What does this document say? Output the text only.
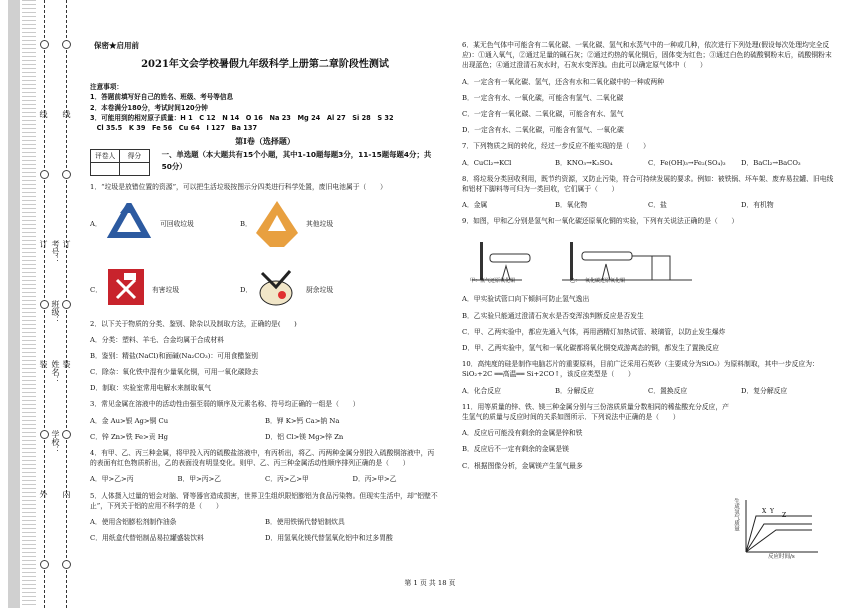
线
订
装
外
线
订
装
内
考号：
班级：
姓名：
学校：
保密★启用前
2021年文会学校暑假九年级科学上册第二章阶段性测试
注意事项：
1．答题前填写好自己的姓名、班级、考号等信息
2．本卷满分180分，考试时间120分钟
3．可能用到的相对原子质量：H 1　C 12　N 14　O 16　Na 23　Mg 24　Al 27　Si 28　S 32
　Cl 35.5　K 39　Fe 56　Cu 64　I 127　Ba 137
第Ⅰ卷（选择题）
评卷人	得分
		一、单选题（本大题共有15个小题，其中1-10题每题3分，11-15题每题4分；共50分）

1．“垃圾是放错位置的资源”，可以把生活垃圾按图示分四类进行科学处置，废旧电池属于（　　）

A．	可回收垃圾	B．	其他垃圾
C．	有害垃圾	D．	厨余垃圾

2．以下关于物质的分类、鉴别、除杂以及制取方法，正确的是(　　)

A．分类：塑料、羊毛、合金均属于合成材料

B．鉴别：精盐(NaCl)和面碱(Na₂CO₃)：可用食醋鉴别

C．除杂：氧化铁中混有少量氧化铜，可用一氧化碳除去

D．制取：实验室常用电解水来制取氧气

3．常见金属在溶液中的活动性由强至弱的顺序及元素名称、符号均正确的一组是（　　）

A．金 Au>银 Ag>铜 Cu	B．钾 K>钙 Ca>钠 Na
C．锌 Zn>铁 Fe>贡 Hg	D．铝 Cl>镁 Mg>锌 Zn

4．有甲、乙、丙三种金属，将甲投入丙的硫酸盐溶液中，有丙析出，将乙、丙两种金属分别投入硫酸铜溶液中，丙的表面有红色物质析出，乙的表面没有明显变化。则甲、乙、丙三种金属活动性顺序排列正确的是（　　）

A．甲>乙>丙	B．甲>丙>乙	C．丙>乙>甲	D．丙>甲>乙

5．人体摄入过量的铝会对脑、肾等器官造成损害，世界卫生组织限铝膨铝为食品污染物。但现实生活中，却“铝壁不止”，下列关于铝的应用不科学的是（　　）

A．使用含铝膨松剂制作油条	B．使用铁锅代替铝制炊具
C．用纸盒代替铝制品易拉罐盛装饮料	D．用氢氧化镁代替氢氧化铝中和过多胃酸

6．某无色气体中可能含有二氧化碳、一氧化碳、氢气和水蒸气中的一种或几种，依次进行下列处理(假设每次处理均完全反应)：①通入氧气，②通过足量的碱石灰；②通过灼热的氧化铜后，固体变为红色；③通过白色的硫酸铜粉末后，硫酸铜粉末出现蓝色；④通过澄清石灰水时，石灰水变浑浊。由此可以确定原气体中（　　）

A．一定含有一氧化碳、氢气，还含有水和二氧化碳中的一种或两种

B．一定含有水、一氧化碳，可能含有氢气、二氧化碳

C．一定含有一氧化碳、二氧化碳，可能含有水、氢气

D．一定含有水、二氧化碳，可能含有氢气、一氧化碳

7．下列物质之间的转化，经过一步反应不能实现的是（　　）

A．CuCl₂→KCl	B．KNO₃→K₂SO₄	C．Fe(OH)₃→Fe₂(SO₄)₃	D．BaCl₂→BaCO₃

8．将垃圾分类回收利用，既节约资源，又防止污染，符合可持续发展的要求。例如：被铁锅、坏车架、废弃易拉罐、旧电线和铝材下脚料等可归为一类回收，它们属于（　　）

A．金属	B．氧化物	C．盐	D．有机物

9．如图，甲和乙分别是氢气和一氧化碳还原氧化铜的实验，下列有关说法正确的是（　　）

甲：氢气还原氧化铜	乙：一氧化碳还原氧化铜

A．甲实验试管口向下倾斜可防止氢气逸出

B．乙实验只能通过澄清石灰水是否变浑浊判断反应是否发生

C．甲、乙两实验中，都应先通入气体，再用酒精灯加热试管、玻璃管，以防止发生爆炸

D．甲、乙两实验中，氢气和一氧化碳都将氧化铜变成游离态的铜，都发生了置换反应

10．高纯度的硅是制作电脑芯片的重要原料，目前广泛采用石英砂（主要成分为SiO₂）为原料制取，其中一步反应为：SiO₂+2C ══高温══ Si+2CO↑，该反应类型是（　　）

A．化合反应	B．分解反应	C．置换反应	D．复分解反应

11．用等质量的锌、铁、镁三种金属分别与三份溶质质量分数相同的稀盐酸充分反应，产生氢气的质量与反应时间的关系如图所示．下列说法中正确的是（　　）

A．反应后可能没有剩余的金属是锌和铁

B．反应后不一定有剩余的金属是镁

C．根据图像分析，金属镁产生氢气最多

X Y
Z
生成氢气质量
反应时间/s
第 1 页 共 18 页
